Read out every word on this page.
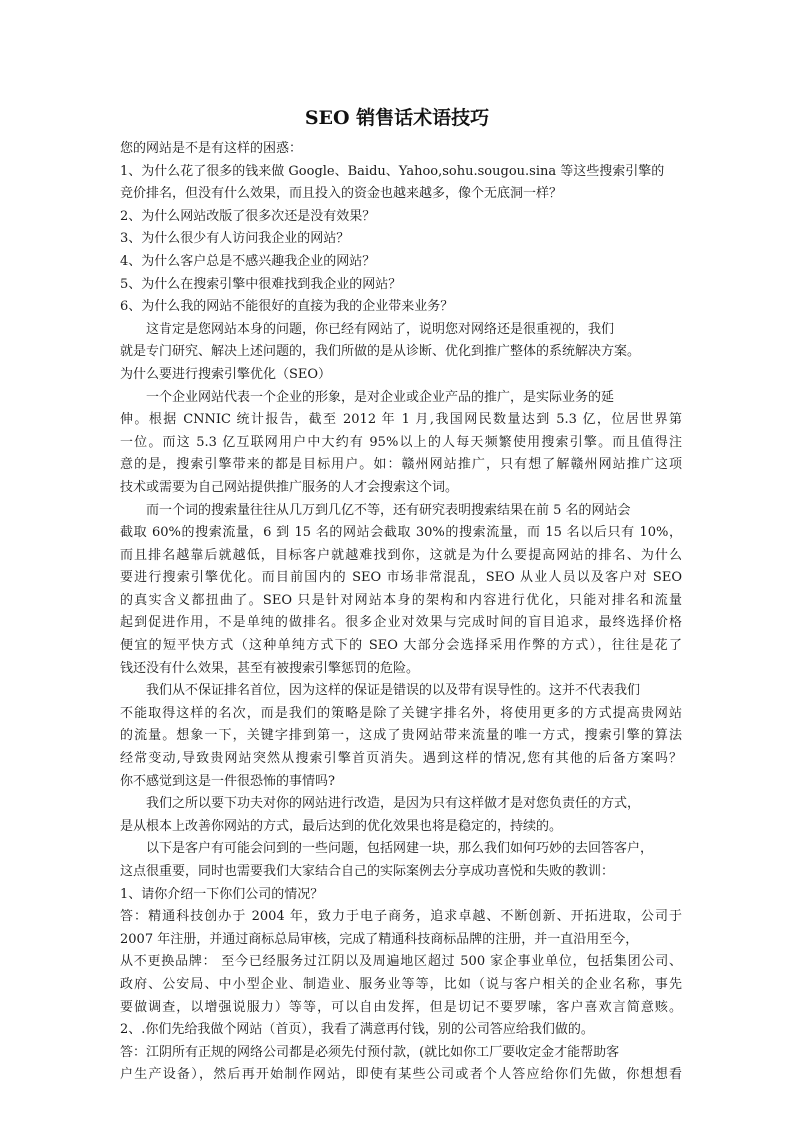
SEO 销售话术语技巧
您的网站是不是有这样的困惑：
1、为什么花了很多的钱来做 Google、Baidu、Yahoo,sohu.sougou.sina 等这些搜索引擎的
竞价排名，但没有什么效果，而且投入的资金也越来越多，像个无底洞一样？
2、为什么网站改版了很多次还是没有效果？
3、为什么很少有人访问我企业的网站？
4、为什么客户总是不感兴趣我企业的网站？
5、为什么在搜索引擎中很难找到我企业的网站？
6、为什么我的网站不能很好的直接为我的企业带来业务？
这肯定是您网站本身的问题，你已经有网站了，说明您对网络还是很重视的，我们
就是专门研究、解决上述问题的，我们所做的是从诊断、优化到推广整体的系统解决方案。
为什么要进行搜索引擎优化（SEO）
一个企业网站代表一个企业的形象，是对企业或企业产品的推广，是实际业务的延
伸。根据 CNNIC 统计报告，截至 2012 年 1 月,我国网民数量达到 5.3 亿，位居世界第
一位。而这 5.3 亿互联网用户中大约有 95%以上的人每天频繁使用搜索引擎。而且值得注
意的是，搜索引擎带来的都是目标用户。如：赣州网站推广，只有想了解赣州网站推广这项
技术或需要为自己网站提供推广服务的人才会搜索这个词。
而一个词的搜索量往往从几万到几亿不等，还有研究表明搜索结果在前 5 名的网站会
截取 60%的搜索流量，6 到 15 名的网站会截取 30%的搜索流量，而 15 名以后只有 10%，
而且排名越靠后就越低，目标客户就越难找到你，这就是为什么要提高网站的排名、为什么
要进行搜索引擎优化。而目前国内的 SEO 市场非常混乱，SEO 从业人员以及客户对 SEO
的真实含义都扭曲了。SEO 只是针对网站本身的架构和内容进行优化，只能对排名和流量
起到促进作用，不是单纯的做排名。很多企业对效果与完成时间的盲目追求，最终选择价格
便宜的短平快方式（这种单纯方式下的 SEO 大部分会选择采用作弊的方式），往往是花了
钱还没有什么效果，甚至有被搜索引擎惩罚的危险。
我们从不保证排名首位，因为这样的保证是错误的以及带有误导性的。这并不代表我们
不能取得这样的名次，而是我们的策略是除了关键字排名外，将使用更多的方式提高贵网站
的流量。想象一下，关键字排到第一，这成了贵网站带来流量的唯一方式，搜索引擎的算法
经常变动,导致贵网站突然从搜索引擎首页消失。遇到这样的情况,您有其他的后备方案吗？
你不感觉到这是一件很恐怖的事情吗?
我们之所以要下功夫对你的网站进行改造，是因为只有这样做才是对您负责任的方式，
是从根本上改善你网站的方式，最后达到的优化效果也将是稳定的，持续的。
以下是客户有可能会问到的一些问题，包括网建一块，那么我们如何巧妙的去回答客户，
这点很重要，同时也需要我们大家结合自己的实际案例去分享成功喜悦和失败的教训：
1、请你介绍一下你们公司的情况？
答：精通科技创办于 2004 年，致力于电子商务，追求卓越、不断创新、开拓进取，公司于
2007 年注册，并通过商标总局审核，完成了精通科技商标品牌的注册，并一直沿用至今，
从不更换品牌： 至今已经服务过江阴以及周遍地区超过 500 家企事业单位，包括集团公司、
政府、公安局、中小型企业、制造业、服务业等等，比如（说与客户相关的企业名称，事先
要做调查，以增强说服力）等等，可以自由发挥，但是切记不要罗嗦，客户喜欢言简意赅。
2、.你们先给我做个网站（首页），我看了满意再付钱，别的公司答应给我们做的。
答：江阴所有正规的网络公司都是必须先付预付款，(就比如你工厂要收定金才能帮助客
户生产设备），然后再开始制作网站，即使有某些公司或者个人答应给你们先做，你想想看
